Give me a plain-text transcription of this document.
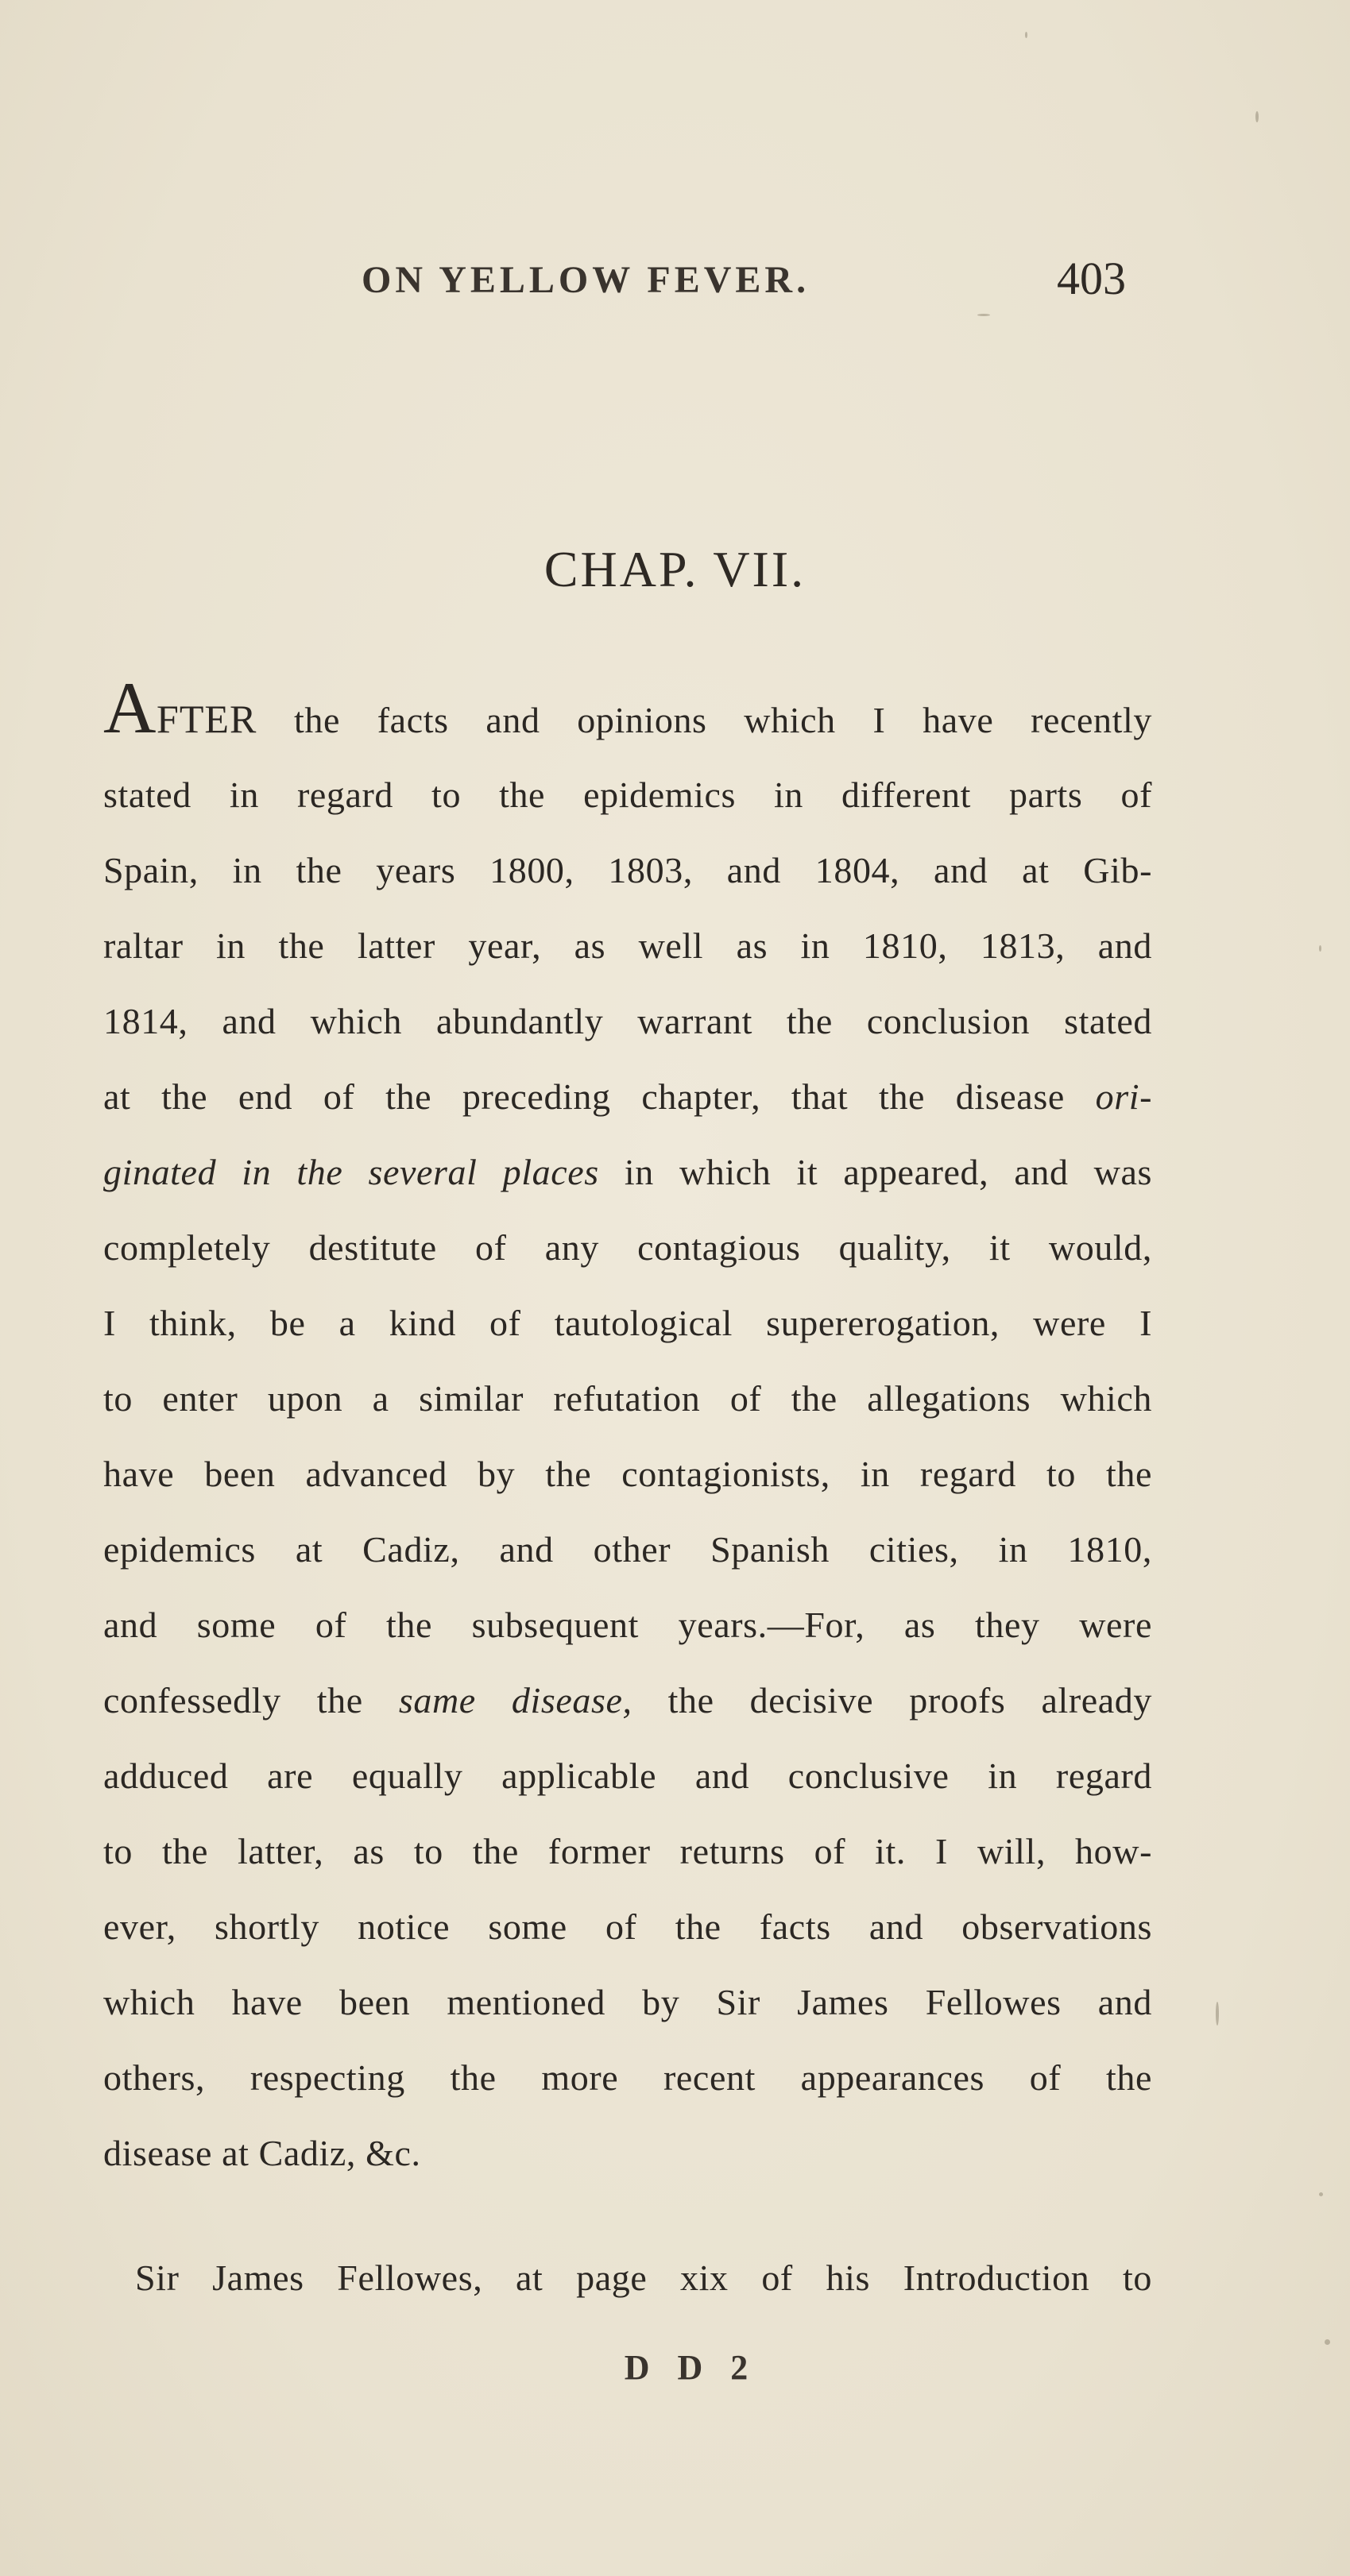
ON YELLOW FEVER.	403
CHAP. VII.
AFTER the facts and opinions which I have recently
stated in regard to the epidemics in different parts of
Spain, in the years 1800, 1803, and 1804, and at Gib-
raltar in the latter year, as well as in 1810, 1813, and
1814, and which abundantly warrant the conclusion stated
at the end of the preceding chapter, that the disease ori-
ginated in the several places in which it appeared, and was
completely destitute of any contagious quality, it would,
I think, be a kind of tautological supererogation, were I
to enter upon a similar refutation of the allegations which
have been advanced by the contagionists, in regard to the
epidemics at Cadiz, and other Spanish cities, in 1810,
and some of the subsequent years.—For, as they were
confessedly the same disease, the decisive proofs already
adduced are equally applicable and conclusive in regard
to the latter, as to the former returns of it. I will, how-
ever, shortly notice some of the facts and observations
which have been mentioned by Sir James Fellowes and
others, respecting the more recent appearances of the
disease at Cadiz, &c.
Sir James Fellowes, at page xix of his Introduction to
D D 2
